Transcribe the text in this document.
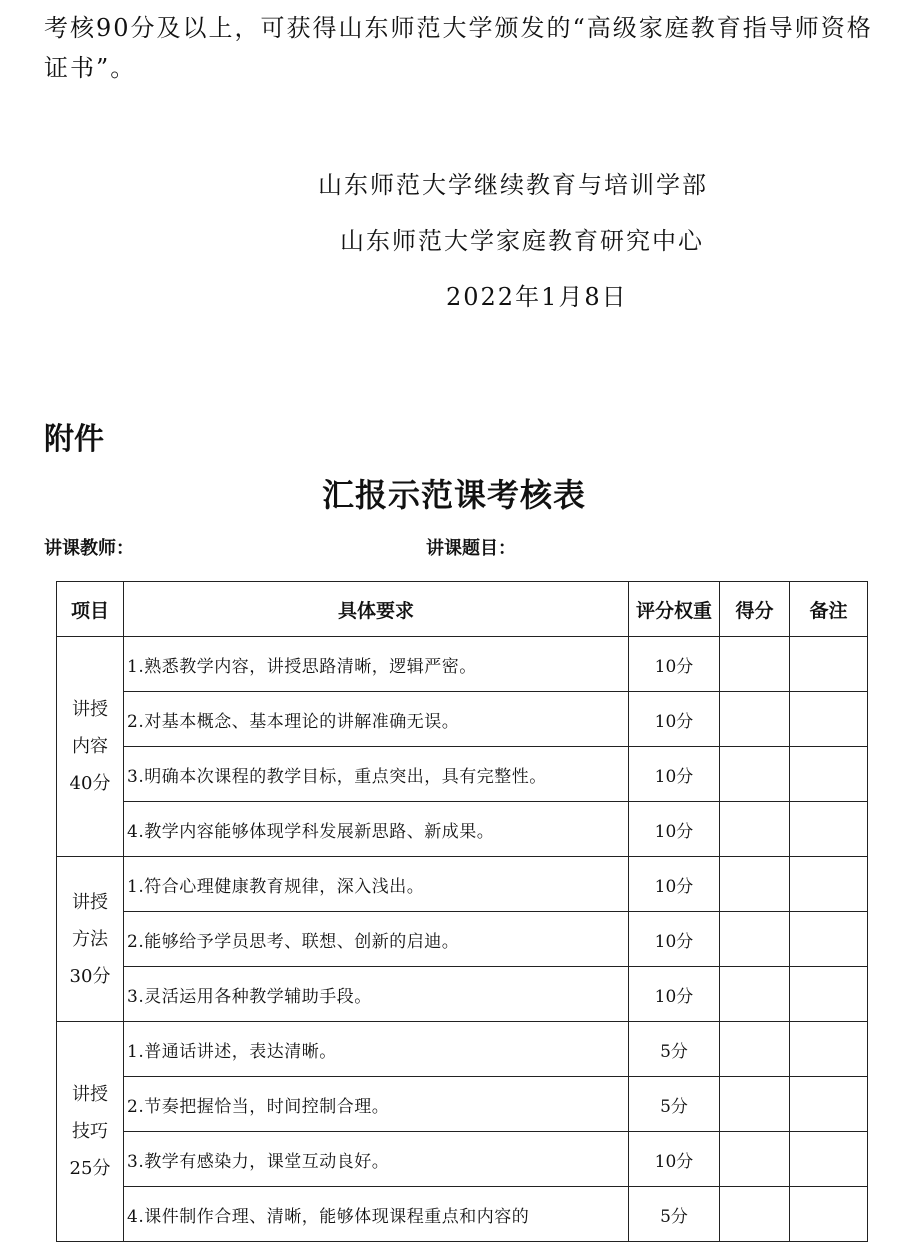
考核90分及以上，可获得山东师范大学颁发的“高级家庭教育指导师资格证书”。
山东师范大学继续教育与培训学部
山东师范大学家庭教育研究中心
2022年1月8日
附件
汇报示范课考核表
讲课教师：	讲课题目：
项目	具体要求	评分权重	得分	备注

讲授
内容
40分	1.熟悉教学内容，讲授思路清晰，逻辑严密。	10分		
	2.对基本概念、基本理论的讲解准确无误。	10分		
	3.明确本次课程的教学目标，重点突出，具有完整性。	10分		
	4.教学内容能够体现学科发展新思路、新成果。	10分		

讲授
方法
30分	1.符合心理健康教育规律，深入浅出。	10分		
	2.能够给予学员思考、联想、创新的启迪。	10分		
	3.灵活运用各种教学辅助手段。	10分		

讲授
技巧
25分	1.普通话讲述，表达清晰。	5分		
	2.节奏把握恰当，时间控制合理。	5分		
	3.教学有感染力，课堂互动良好。	10分		
	4.课件制作合理、清晰，能够体现课程重点和内容的	5分		
